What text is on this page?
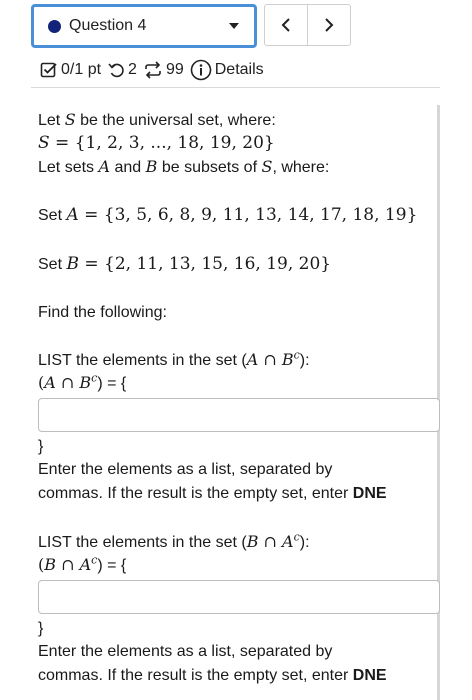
Question 4
0/1 pt 2 99 Details
Let S be the universal set, where:
S = {1, 2, 3, ..., 18, 19, 20}
Let sets A and B be subsets of S, where:
Set A = {3, 5, 6, 8, 9, 11, 13, 14, 17, 18, 19}
Set B = {2, 11, 13, 15, 16, 19, 20}
Find the following:
LIST the elements in the set (A ∩ $B^c$):
(A ∩ $B^c$) = {
}
Enter the elements as a list, separated by
commas. If the result is the empty set, enter DNE
LIST the elements in the set (B ∩ $A^c$):
(B ∩ $A^c$) = {
}
Enter the elements as a list, separated by
commas. If the result is the empty set, enter DNE
